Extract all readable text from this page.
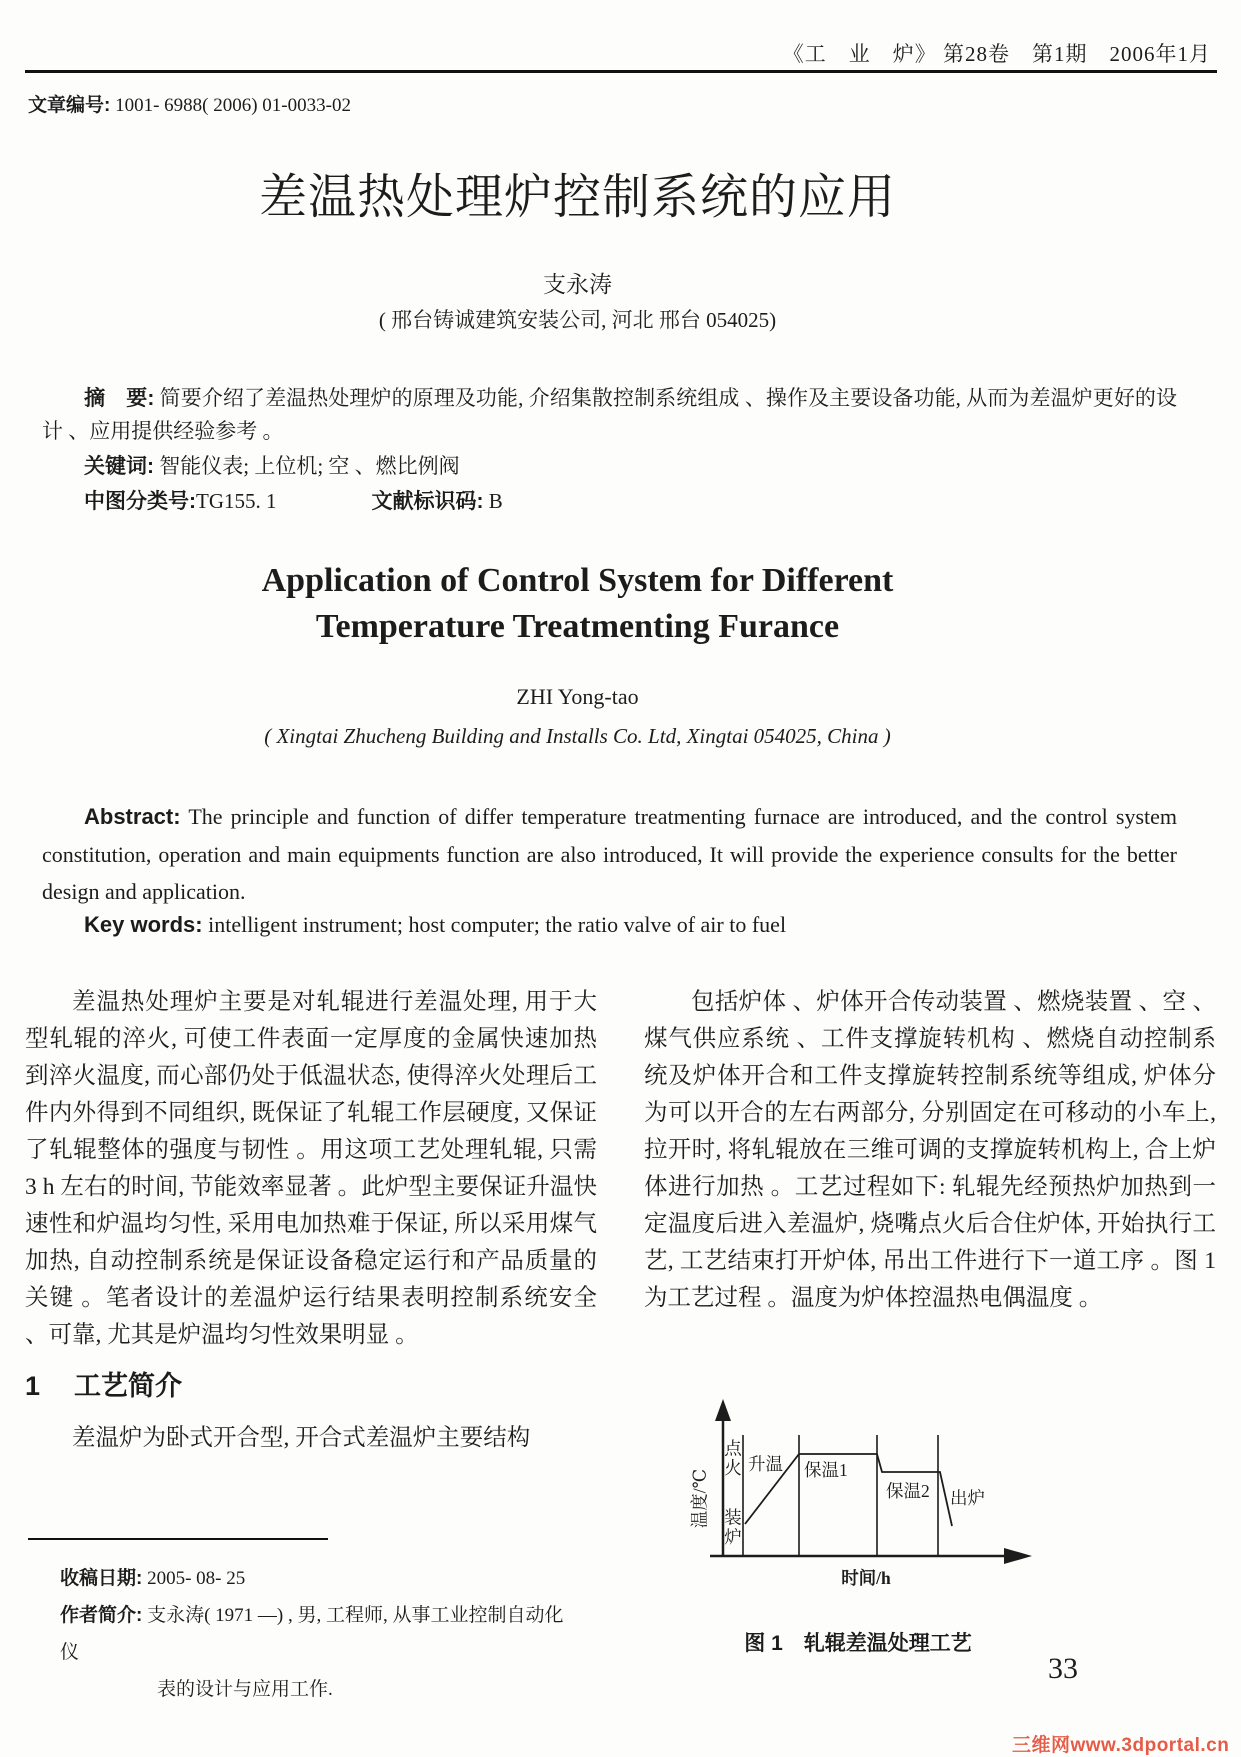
《工　业　炉》 第28卷　第1期　2006年1月
文章编号: 1001- 6988( 2006) 01-0033-02
差温热处理炉控制系统的应用
支永涛
( 邢台铸诚建筑安装公司, 河北 邢台 054025)
摘　要: 简要介绍了差温热处理炉的原理及功能, 介绍集散控制系统组成 、操作及主要设备功能, 从而为差温炉更好的设计 、应用提供经验参考 。
关键词: 智能仪表; 上位机; 空 、燃比例阀
中图分类号:TG155. 1	文献标识码: B
Application of Control System for Different
Temperature Treatmenting Furance
ZHI Yong-tao
( Xingtai Zhucheng Building and Installs Co. Ltd, Xingtai 054025, China )
Abstract: The principle and function of differ temperature treatmenting furnace are introduced, and the control system constitution, operation and main equipments function are also introduced, It will provide the experience consults for the better design and application.
Key words: intelligent instrument; host computer; the ratio valve of air to fuel

差温热处理炉主要是对轧辊进行差温处理, 用于大型轧辊的淬火, 可使工件表面一定厚度的金属快速加热到淬火温度, 而心部仍处于低温状态, 使得淬火处理后工件内外得到不同组织, 既保证了轧辊工作层硬度, 又保证了轧辊整体的强度与韧性 。用这项工艺处理轧辊, 只需 3 h 左右的时间, 节能效率显著 。此炉型主要保证升温快速性和炉温均匀性, 采用电加热难于保证, 所以采用煤气加热, 自动控制系统是保证设备稳定运行和产品质量的关键 。笔者设计的差温炉运行结果表明控制系统安全 、可靠, 尤其是炉温均匀性效果明显 。

1 工艺简介

差温炉为卧式开合型, 开合式差温炉主要结构

包括炉体 、炉体开合传动装置 、燃烧装置 、空 、煤气供应系统 、工件支撑旋转机构 、燃烧自动控制系统及炉体开合和工件支撑旋转控制系统等组成, 炉体分为可以开合的左右两部分, 分别固定在可移动的小车上, 拉开时, 将轧辊放在三维可调的支撑旋转机构上, 合上炉体进行加热 。工艺过程如下: 轧辊先经预热炉加热到一定温度后进入差温炉, 烧嘴点火后合住炉体, 开始执行工艺, 工艺结束打开炉体, 吊出工件进行下一道工序 。图 1 为工艺过程 。温度为炉体控温热电偶温度 。

温度/℃
点火
装炉
升温 保温1
保温2 出炉
时间/h
图 1　轧辊差温处理工艺
收稿日期: 2005- 08- 25
作者简介: 支永涛( 1971 —) , 男, 工程师, 从事工业控制自动化仪
表的设计与应用工作.
33
三维网www.3dportal.cn
